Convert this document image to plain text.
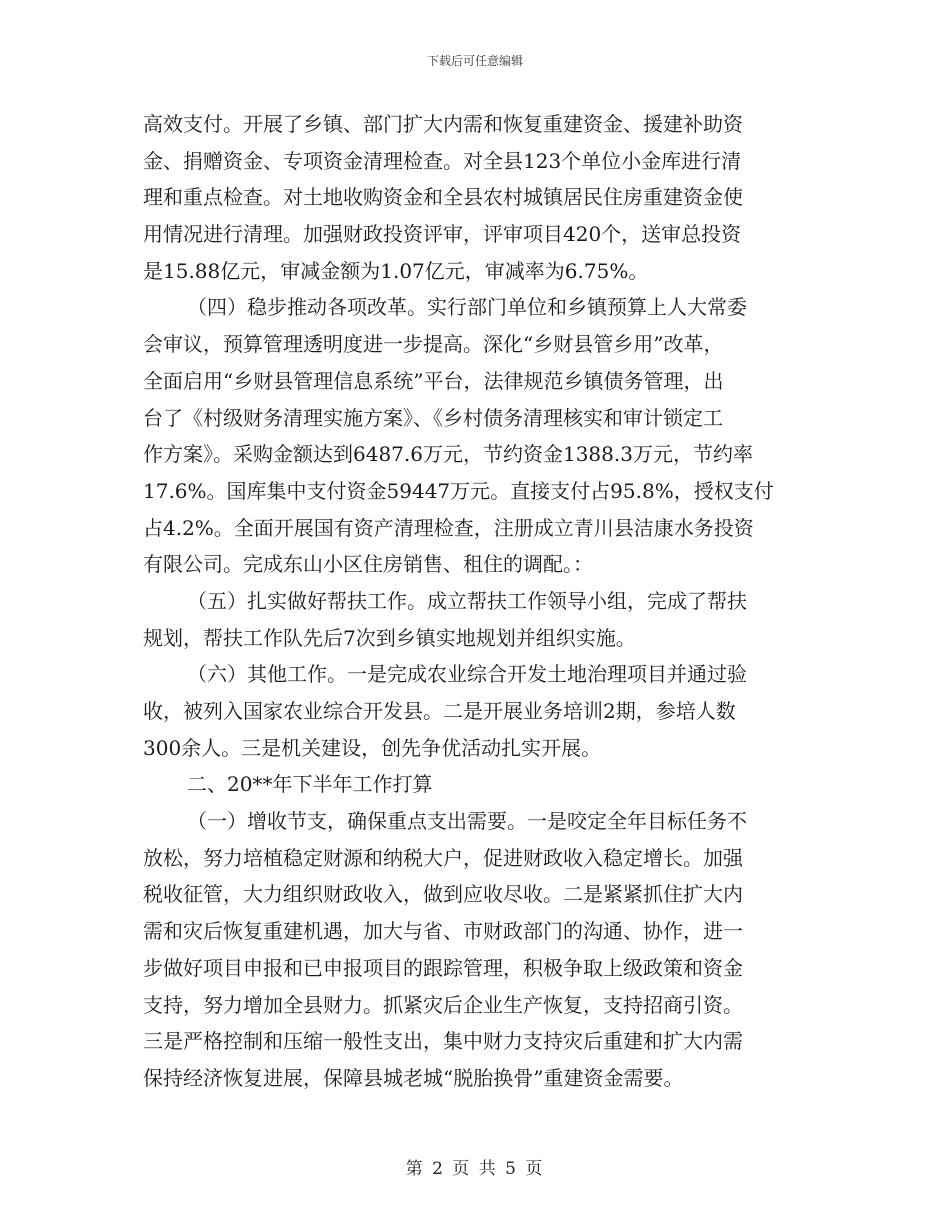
下载后可任意编辑

高效支付。开展了乡镇、部门扩大内需和恢复重建资金、援建补助资

金、捐赠资金、专项资金清理检查。对全县123个单位小金库进行清

理和重点检查。对土地收购资金和全县农村城镇居民住房重建资金使

用情况进行清理。加强财政投资评审，评审项目420个，送审总投资

是15.88亿元，审减金额为1.07亿元，审减率为6.75%。

（四）稳步推动各项改革。实行部门单位和乡镇预算上人大常委

会审议，预算管理透明度进一步提高。深化“乡财县管乡用”改革，

全面启用“乡财县管理信息系统”平台，法律规范乡镇债务管理，出

台了《村级财务清理实施方案》、《乡村债务清理核实和审计锁定工

作方案》。采购金额达到6487.6万元，节约资金1388.3万元，节约率

17.6%。国库集中支付资金59447万元。直接支付占95.8%，授权支付

占4.2%。全面开展国有资产清理检查，注册成立青川县洁康水务投资

有限公司。完成东山小区住房销售、租住的调配。：

（五）扎实做好帮扶工作。成立帮扶工作领导小组，完成了帮扶

规划，帮扶工作队先后7次到乡镇实地规划并组织实施。

（六）其他工作。一是完成农业综合开发土地治理项目并通过验

收，被列入国家农业综合开发县。二是开展业务培训2期，参培人数

300余人。三是机关建设，创先争优活动扎实开展。

二、20**年下半年工作打算

（一）增收节支，确保重点支出需要。一是咬定全年目标任务不

放松，努力培植稳定财源和纳税大户，促进财政收入稳定增长。加强

税收征管，大力组织财政收入，做到应收尽收。二是紧紧抓住扩大内

需和灾后恢复重建机遇，加大与省、市财政部门的沟通、协作，进一

步做好项目申报和已申报项目的跟踪管理，积极争取上级政策和资金

支持，努力增加全县财力。抓紧灾后企业生产恢复，支持招商引资。

三是严格控制和压缩一般性支出，集中财力支持灾后重建和扩大内需

保持经济恢复进展，保障县城老城“脱胎换骨”重建资金需要。

第 2 页 共 5 页
